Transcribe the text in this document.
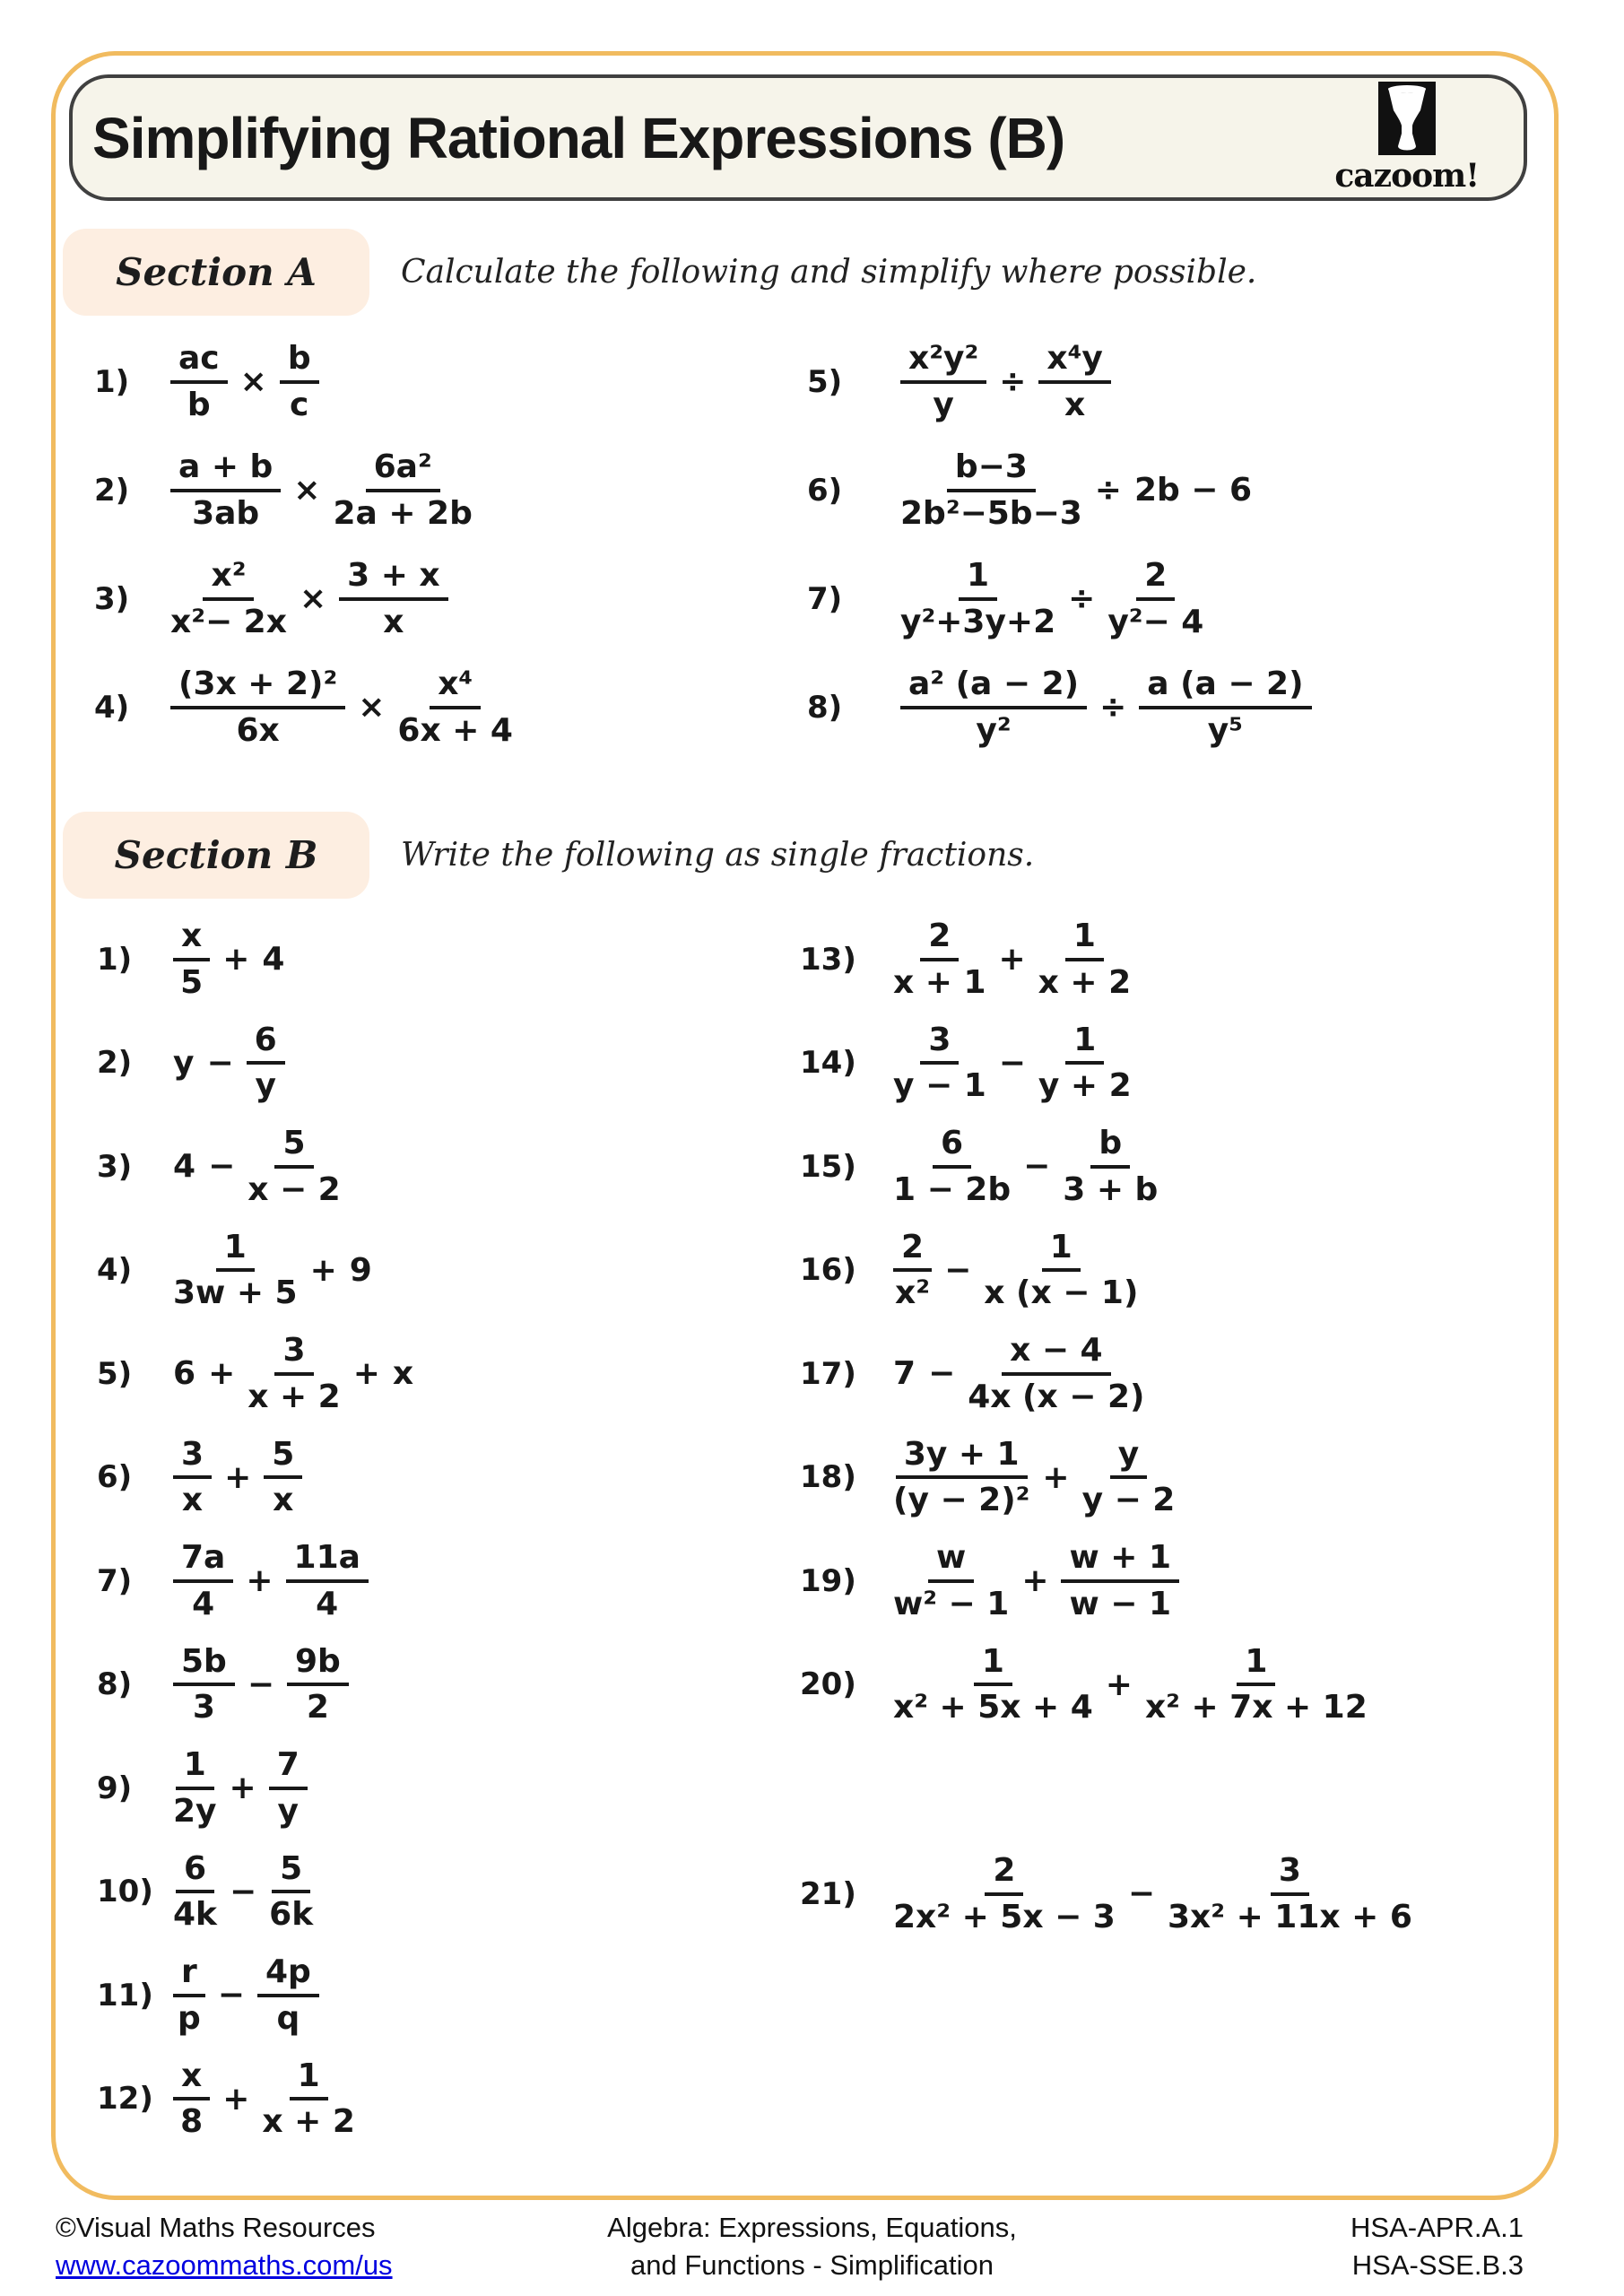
Simplifying Rational Expressions (B)
cazoom!
Section A	Calculate the following and simplify where possible.
1)	$\frac{ac}{b} \times \frac{b}{c}$
2)	$\frac{a + b}{3ab} \times \frac{\text{6a²}}{2a + 2b}$
3)	$\frac{\text{x²}}{\text{x²− 2x}} \times \frac{3 + x}{x}$
4)	$\frac{\text{(3x + 2)²}}{6x} \times \frac{\text{x⁴}}{6x + 4}$
5)	$\frac{\text{x²y²}}{y} \div \frac{\text{x⁴y}}{x}$
6)	$\frac{b-3}{\text{2b²−5b−3}} \div 2b - 6$
7)	$\frac{1}{\text{y²+3y+2}} \div \frac{2}{\text{y²− 4}}$
8)	$\frac{\text{a² (a − 2)}}{\text{y²}} \div \frac{a (a - 2)}{\text{y⁵}}$
Section B	Write the following as single fractions.
1)	$\frac{x}{5} + 4$
2)	$y - \frac{6}{y}$
3)	$4 - \frac{5}{x - 2}$
4)	$\frac{1}{3w + 5} + 9$
5)	$6 + \frac{3}{x + 2} + x$
6)	$\frac{3}{x} + \frac{5}{x}$
7)	$\frac{7a}{4} + \frac{11a}{4}$
8)	$\frac{5b}{3} - \frac{9b}{2}$
9)	$\frac{1}{2y} + \frac{7}{y}$
$10) \frac{6}{4k} - \frac{5}{6k}$
$11) \frac{r}{p} - \frac{4p}{q}$
$12) \frac{x}{8} + \frac{1}{x + 2}$
13)	$\frac{2}{x + 1} + \frac{1}{x + 2}$
14)	$\frac{3}{y - 1} - \frac{1}{y + 2}$
15)	$\frac{6}{1 - 2b} - \frac{b}{3 + b}$
16)	$\frac{2}{\text{x²}} - \frac{1}{x (x - 1)}$
17)	$7 - \frac{x - 4}{4x (x - 2)}$
18)	$\frac{3y + 1}{\text{(y − 2)²}} + \frac{y}{y - 2}$
19)	$\frac{w}{\text{w² − 1}} + \frac{w + 1}{w - 1}$
20)	$\frac{1}{\text{x² + 5x + 4}} + \frac{1}{\text{x² + 7x + 12}}$
21)	$\frac{2}{\text{2x² + 5x − 3}} - \frac{3}{\text{3x² + 11x + 6}}$
©Visual Maths Resources
www.cazoommaths.com/us
Algebra: Expressions, Equations,
and Functions - Simplification
HSA-APR.A.1
HSA-SSE.B.3
